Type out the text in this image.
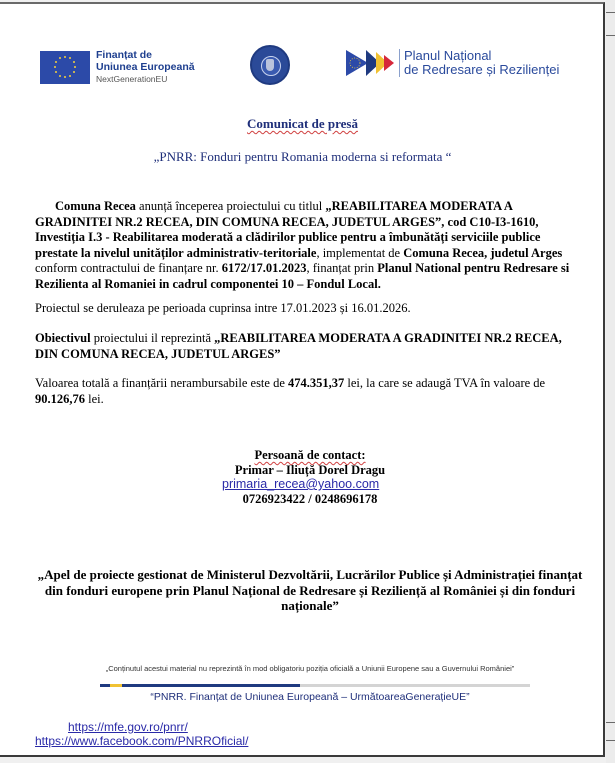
Finanțat de
Uniunea Europeană
NextGenerationEU
Planul Național
de Redresare și Rezilienței
Comunicat de presă
„PNRR: Fonduri pentru Romania moderna si reformata “
Comuna Recea anunță începerea proiectului cu titlul „REABILITAREA MODERATA A GRADINITEI NR.2 RECEA, DIN COMUNA RECEA, JUDETUL ARGES”, cod C10-I3-1610, Investiția I.3 - Reabilitarea moderată a clădirilor publice pentru a îmbunătăți serviciile publice prestate la nivelul unităților administrativ-teritoriale, implementat de Comuna Recea, judetul Arges conform contractului de finanțare nr. 6172/17.01.2023, finanțat prin Planul National pentru Redresare si Rezilienta al Romaniei in cadrul componentei 10 – Fondul Local.
Proiectul se deruleaza pe perioada cuprinsa intre 17.01.2023 și 16.01.2026.
Obiectivul proiectului il reprezintă „REABILITAREA MODERATA A GRADINITEI NR.2 RECEA, DIN COMUNA RECEA, JUDETUL ARGES”
Valoarea totală a finanțării nerambursabile este de 474.351,37 lei, la care se adaugă TVA în valoare de 90.126,76 lei.
Persoană de contact:
Primar – Iliuță Dorel Dragu
primaria_recea@yahoo.com
0726923422 / 0248696178
„Apel de proiecte gestionat de Ministerul Dezvoltării, Lucrărilor Publice și Administrației finanțat din fonduri europene prin Planul Național de Redresare și Reziliență al României și din fonduri naționale”
„Conținutul acestui material nu reprezintă în mod obligatoriu poziția oficială a Uniunii Europene sau a Guvernului României”
“PNRR. Finanțat de Uniunea Europeană – UrmătoareaGenerațieUE”
https://mfe.gov.ro/pnrr/
https://www.facebook.com/PNRROficial/
